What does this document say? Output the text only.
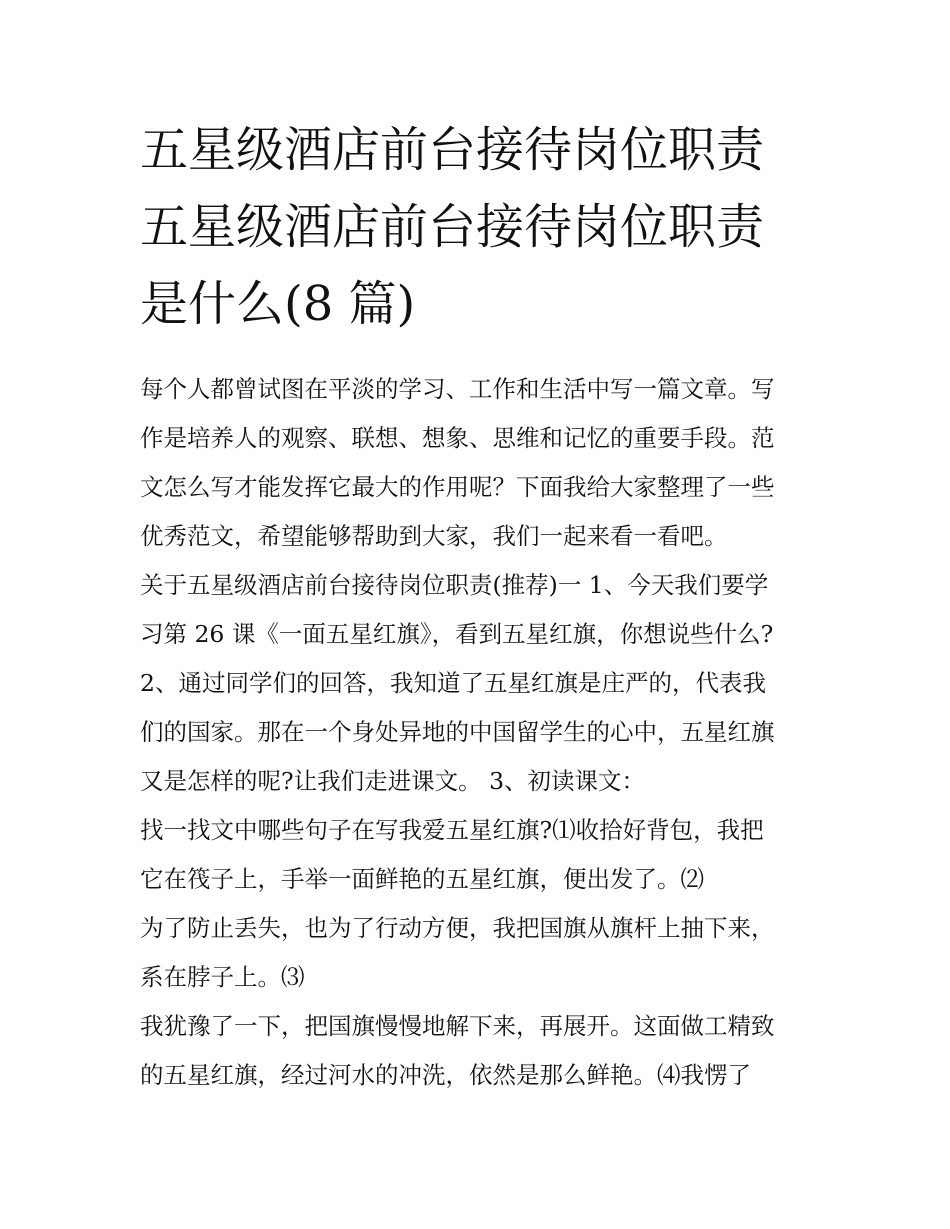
五星级酒店前台接待岗位职责
五星级酒店前台接待岗位职责
是什么(8 篇)
每个人都曾试图在平淡的学习、工作和生活中写一篇文章。写
作是培养人的观察、联想、想象、思维和记忆的重要手段。范
文怎么写才能发挥它最大的作用呢？下面我给大家整理了一些
优秀范文，希望能够帮助到大家，我们一起来看一看吧。
关于五星级酒店前台接待岗位职责(推荐)一 1、今天我们要学
习第 26 课《一面五星红旗》，看到五星红旗，你想说些什么?
2、通过同学们的回答，我知道了五星红旗是庄严的，代表我
们的国家。那在一个身处异地的中国留学生的心中，五星红旗
又是怎样的呢?让我们走进课文。 3、初读课文：
找一找文中哪些句子在写我爱五星红旗?⑴收拾好背包，我把
它在筏子上，手举一面鲜艳的五星红旗，便出发了。⑵
为了防止丢失，也为了行动方便，我把国旗从旗杆上抽下来，
系在脖子上。⑶
我犹豫了一下，把国旗慢慢地解下来，再展开。这面做工精致
的五星红旗，经过河水的冲洗，依然是那么鲜艳。⑷我愣了
